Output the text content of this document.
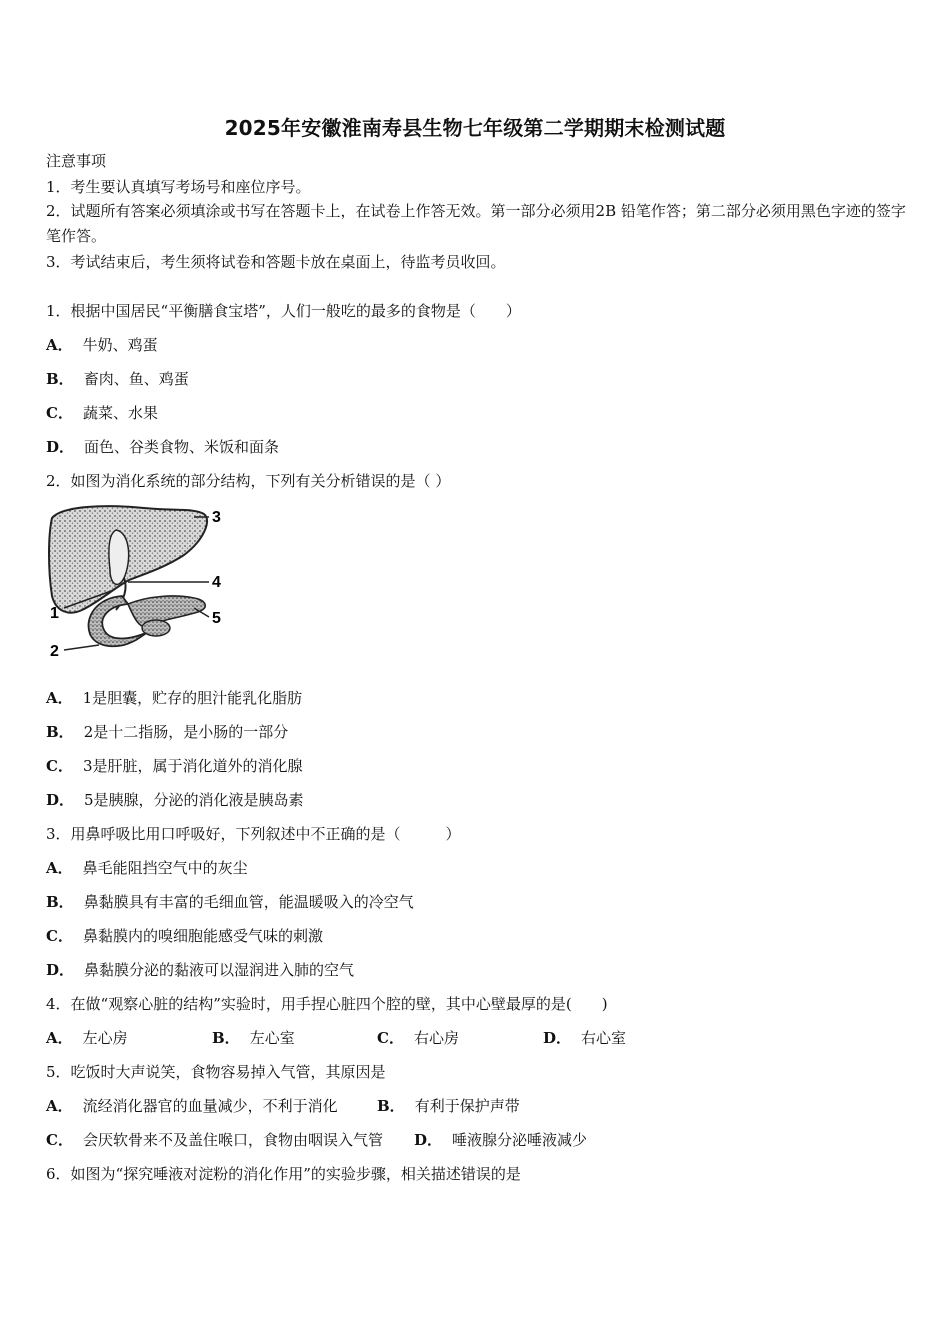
2025年安徽淮南寿县生物七年级第二学期期末检测试题
注意事项
1．考生要认真填写考场号和座位序号。
2．试题所有答案必须填涂或书写在答题卡上，在试卷上作答无效。第一部分必须用2B 铅笔作答；第二部分必须用黑色字迹的签字笔作答。
3．考试结束后，考生须将试卷和答题卡放在桌面上，待监考员收回。
1．根据中国居民“平衡膳食宝塔”，人们一般吃的最多的食物是（　　）
A． 牛奶、鸡蛋
B． 畜肉、鱼、鸡蛋
C． 蔬菜、水果
D． 面色、谷类食物、米饭和面条
2．如图为消化系统的部分结构，下列有关分析错误的是（ ）
3
4
5
1
2
A． 1是胆囊，贮存的胆汁能乳化脂肪
B． 2是十二指肠，是小肠的一部分
C． 3是肝脏，属于消化道外的消化腺
D． 5是胰腺，分泌的消化液是胰岛素
3．用鼻呼吸比用口呼吸好，下列叙述中不正确的是（　　　）
A． 鼻毛能阻挡空气中的灰尘
B． 鼻黏膜具有丰富的毛细血管，能温暖吸入的冷空气
C． 鼻黏膜内的嗅细胞能感受气味的刺激
D． 鼻黏膜分泌的黏液可以湿润进入肺的空气
4．在做“观察心脏的结构”实验时，用手捏心脏四个腔的壁，其中心壁最厚的是(　　)
A． 左心房	B． 左心室	C． 右心房	D． 右心室
5．吃饭时大声说笑，食物容易掉入气管，其原因是
A． 流经消化器官的血量减少，不利于消化	B． 有利于保护声带
C． 会厌软骨来不及盖住喉口，食物由咽误入气管 D． 唾液腺分泌唾液减少
6．如图为“探究唾液对淀粉的消化作用”的实验步骤，相关描述错误的是
